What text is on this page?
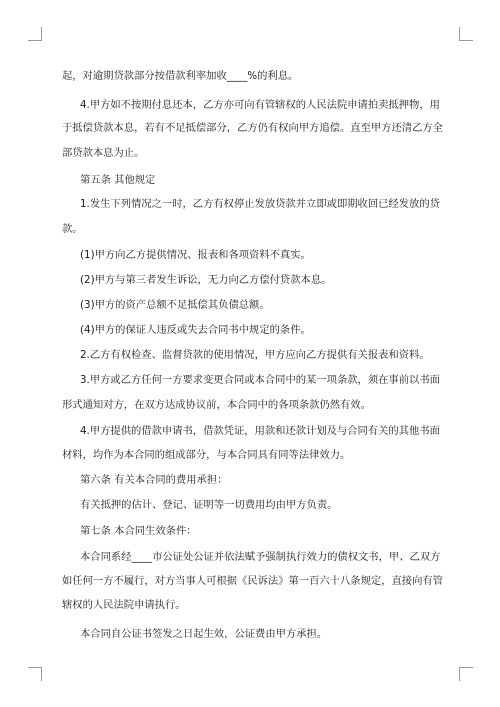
起，对逾期贷款部分按借款利率加收____%的利息。
4.甲方如不按期付息还本，乙方亦可向有管辖权的人民法院申请拍卖抵押物，用
于抵偿贷款本息，若有不足抵偿部分，乙方仍有权向甲方追偿。直至甲方还清乙方全
部贷款本息为止。
第五条 其他规定
1.发生下列情况之一时，乙方有权停止发放贷款并立即或即期收回已经发放的贷
款。
(1)甲方向乙方提供情况、报表和各项资料不真实。
(2)甲方与第三者发生诉讼，无力向乙方偿付贷款本息。
(3)甲方的资产总额不足抵偿其负债总额。
(4)甲方的保证人违反或失去合同书中规定的条件。
2.乙方有权检查、监督贷款的使用情况，甲方应向乙方提供有关报表和资料。
3.甲方或乙方任何一方要求变更合同或本合同中的某一项条款，须在事前以书面
形式通知对方，在双方达成协议前，本合同中的各项条款仍然有效。
4.甲方提供的借款申请书，借款凭证，用款和还款计划及与合同有关的其他书面
材料，均作为本合同的组成部分，与本合同具有同等法律效力。
第六条 有关本合同的费用承担：
有关抵押的估计、登记、证明等一切费用均由甲方负责。
第七条 本合同生效条件：
本合同系经____市公证处公证并依法赋予强制执行效力的债权文书，甲、乙双方
如任何一方不履行，对方当事人可根据《民诉法》第一百六十八条规定，直接向有管
辖权的人民法院申请执行。
本合同自公证书签发之日起生效，公证费由甲方承担。
